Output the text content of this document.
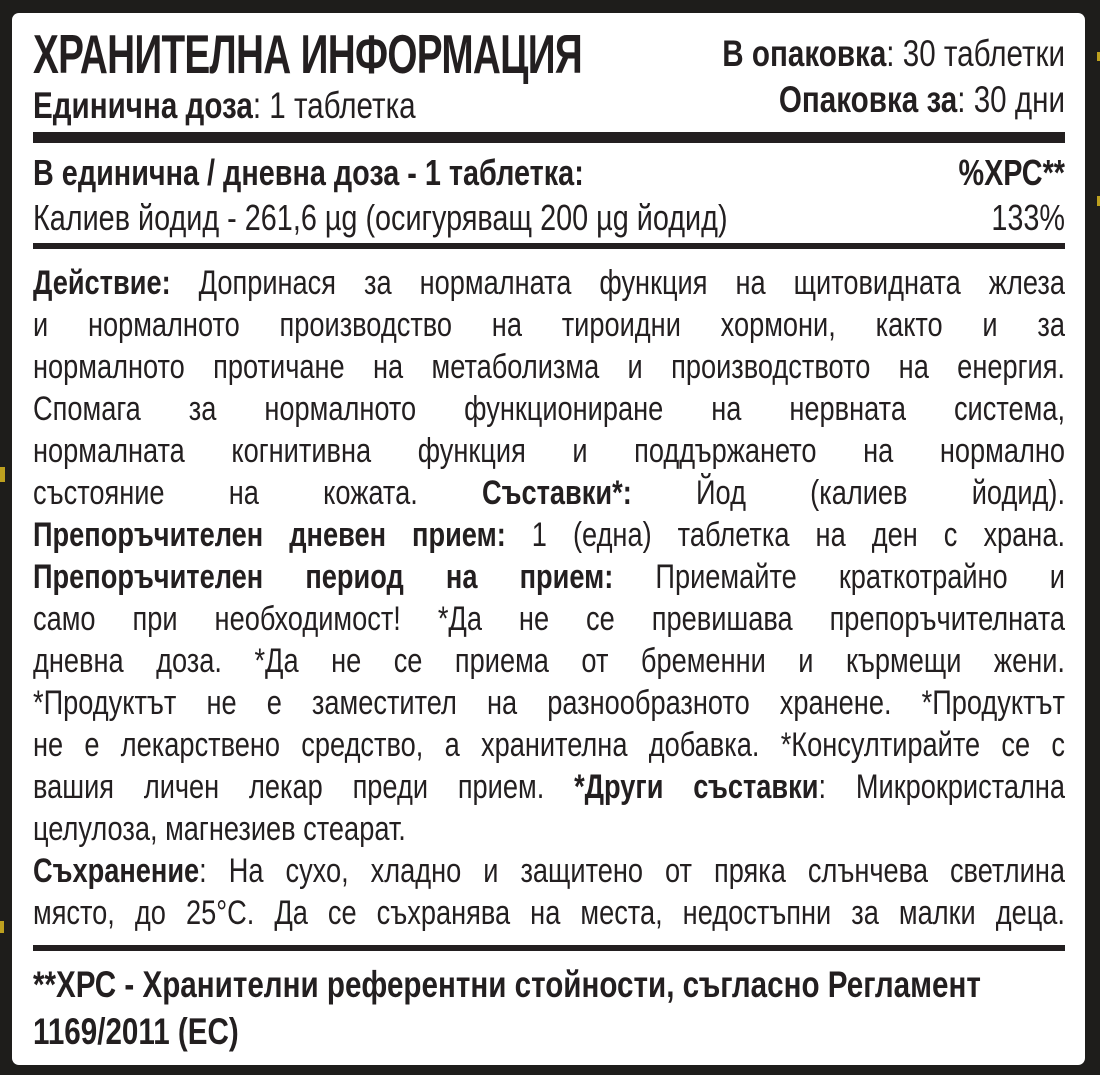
ХРАНИТЕЛНА ИНФОРМАЦИЯ
Единична доза: 1 таблетка
В опаковка: 30 таблетки
Опаковка за: 30 дни
В единична / дневна доза - 1 таблетка:	%ХРС**
Калиев йодид - 261,6 µg (осигуряващ 200 µg йодид)	133%
Действие: Допринася за нормалната функция на щитовидната жлеза
и нормалното производство на тироидни хормони, както и за
нормалното протичане на метаболизма и производството на енергия.
Спомага за нормалното функциониране на нервната система,
нормалната когнитивна функция и поддържането на нормално
състояние на кожата. Съставки*: Йод (калиев йодид).
Препоръчителен дневен прием: 1 (една) таблетка на ден с храна.
Препоръчителен период на прием: Приемайте краткотрайно и
само при необходимост! *Да не се превишава препоръчителната
дневна доза. *Да не се приема от бременни и кърмещи жени.
*Продуктът не е заместител на разнообразното хранене. *Продуктът
не е лекарствено средство, а хранителна добавка. *Консултирайте се с
вашия личен лекар преди прием. *Други съставки: Микрокристална
целулоза, магнезиев стеарат.
Съхранение: На сухо, хладно и защитено от пряка слънчева светлина
място, до 25°C. Да се съхранява на места, недостъпни за малки деца.
**ХРС - Хранителни референтни стойности, съгласно Регламент
1169/2011 (ЕС)
